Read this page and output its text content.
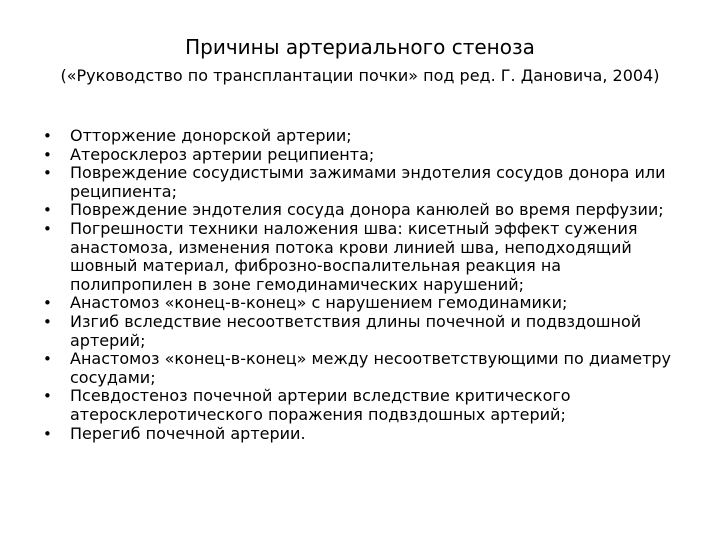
Причины артериального стеноза
(«Руководство по трансплантации почки» под ред. Г. Дановича, 2004)
• Отторжение донорской артерии;
• Атеросклероз артерии реципиента;
• Повреждение сосудистыми зажимами эндотелия сосудов донора или реципиента;
• Повреждение эндотелия сосуда донора канюлей во время перфузии;
• Погрешности техники наложения шва: кисетный эффект сужения анастомоза, изменения потока крови линией шва, неподходящий шовный материал, фиброзно-воспалительная реакция на полипропилен в зоне гемодинамических нарушений;
• Анастомоз «конец-в-конец» с нарушением гемодинамики;
• Изгиб вследствие несоответствия длины почечной и подвздошной артерий;
• Анастомоз «конец-в-конец» между несоответствующими по диаметру сосудами;
• Псевдостеноз почечной артерии вследствие критического атеросклеротического поражения подвздошных артерий;
• Перегиб почечной артерии.
